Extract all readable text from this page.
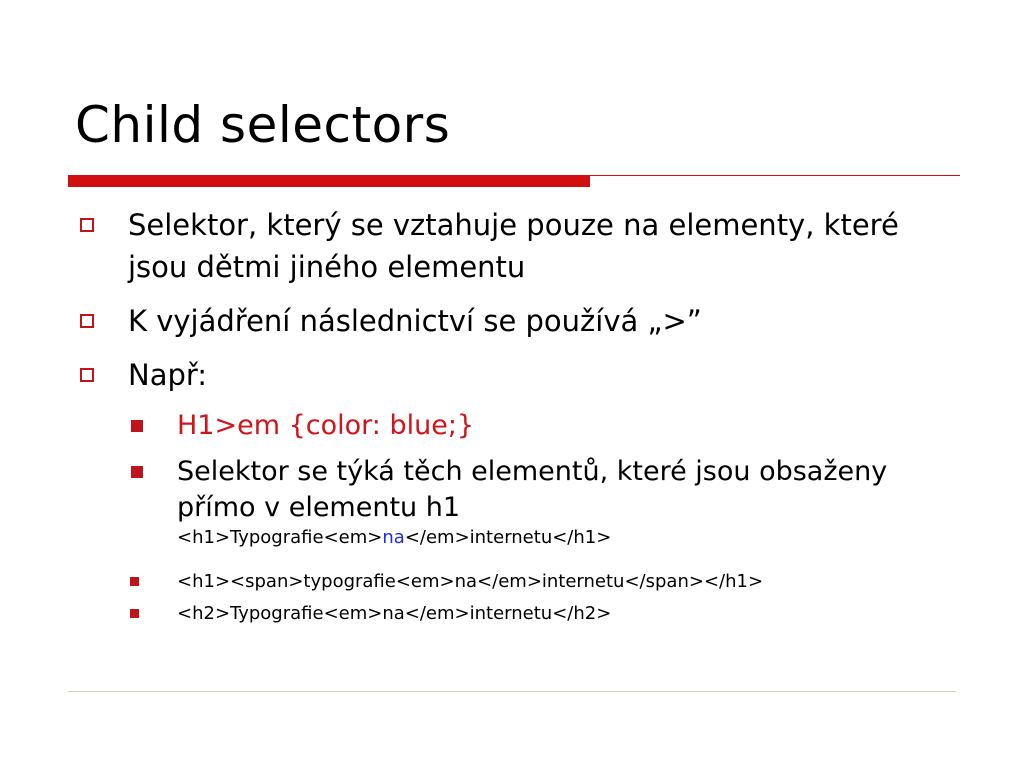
Child selectors
Selektor, který se vztahuje pouze na elementy, které jsou dětmi jiného elementu
K vyjádření následnictví se používá „>”
Např:
H1>em {color: blue;}
Selektor se týká těch elementů, které jsou obsaženy přímo v elementu h1
<h1>Typografie<em>na</em>internetu</h1>
<h1><span>typografie<em>na</em>internetu</span></h1>
<h2>Typografie<em>na</em>internetu</h2>
